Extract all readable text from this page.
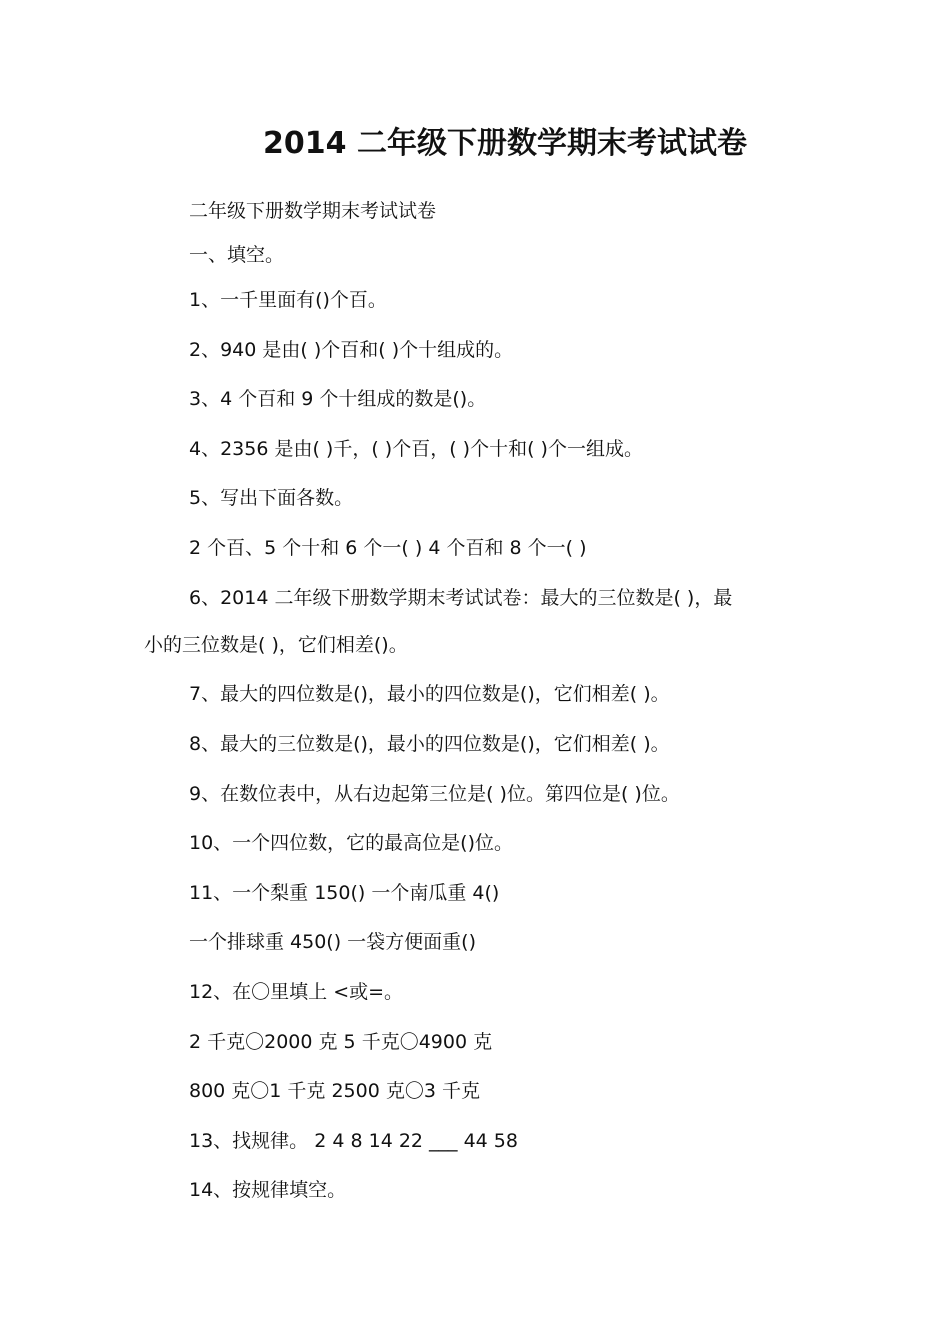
2014 二年级下册数学期末考试试卷
二年级下册数学期末考试试卷
一、填空。
1、一千里面有()个百。
2、940 是由( )个百和( )个十组成的。
3、4 个百和 9 个十组成的数是()。
4、2356 是由( )千，( )个百，( )个十和( )个一组成。
5、写出下面各数。
2 个百、5 个十和 6 个一( ) 4 个百和 8 个一( )
6、2014 二年级下册数学期末考试试卷：最大的三位数是( )，最
小的三位数是( )，它们相差()。
7、最大的四位数是()，最小的四位数是()，它们相差( )。
8、最大的三位数是()，最小的四位数是()，它们相差( )。
9、在数位表中，从右边起第三位是( )位。第四位是( )位。
10、一个四位数，它的最高位是()位。
11、一个梨重 150() 一个南瓜重 4()
一个排球重 450() 一袋方便面重()
12、在〇里填上 <或=。
2 千克〇2000 克 5 千克〇4900 克
800 克〇1 千克 2500 克〇3 千克
13、找规律。 2 4 8 14 22 ___ 44 58
14、按规律填空。
